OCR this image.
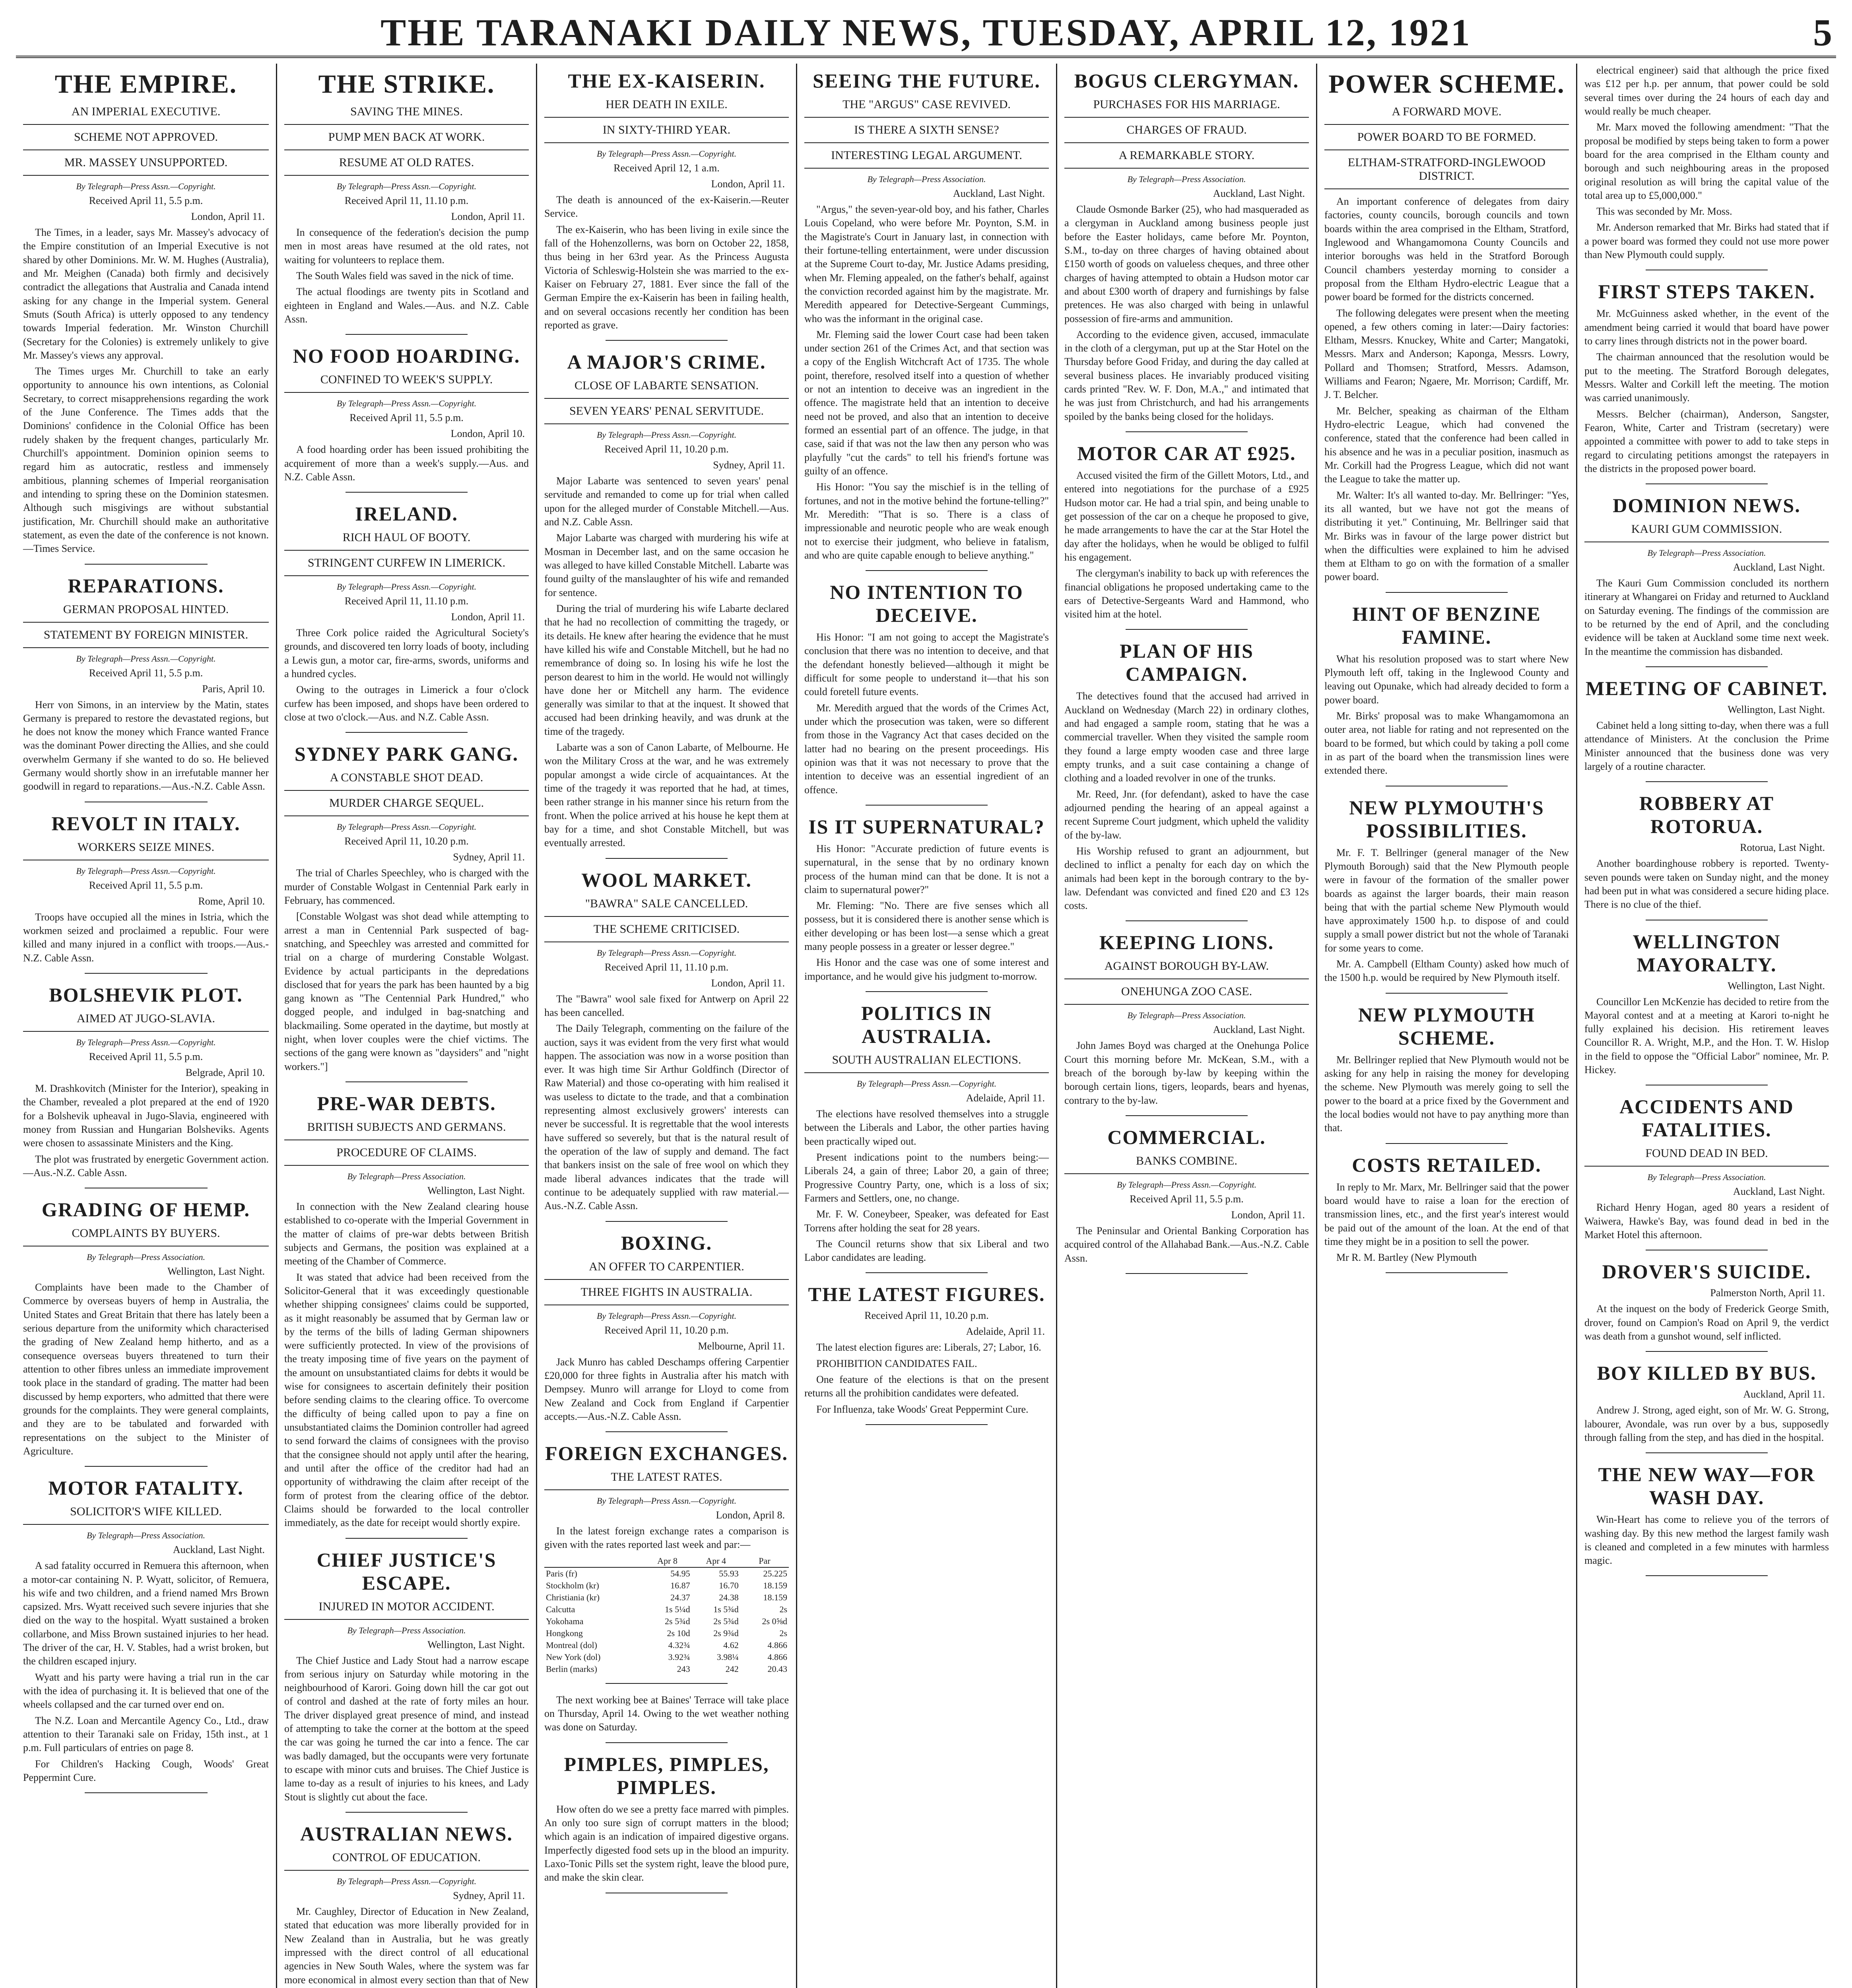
THE TARANAKI DAILY NEWS, TUESDAY, APRIL 12, 1921	5
THE EMPIRE.
AN IMPERIAL EXECUTIVE.
SCHEME NOT APPROVED.
MR. MASSEY UNSUPPORTED.
By Telegraph—Press Assn.—Copyright.
Received April 11, 5.5 p.m.
London, April 11.

The Times, in a leader, says Mr. Massey's advocacy of the Empire constitution of an Imperial Executive is not shared by other Dominions. Mr. W. M. Hughes (Australia), and Mr. Meighen (Canada) both firmly and decisively contradict the allegations that Australia and Canada intend asking for any change in the Imperial system. General Smuts (South Africa) is utterly opposed to any tendency towards Imperial federation. Mr. Winston Churchill (Secretary for the Colonies) is extremely unlikely to give Mr. Massey's views any approval.

The Times urges Mr. Churchill to take an early opportunity to announce his own intentions, as Colonial Secretary, to correct misapprehensions regarding the work of the June Conference. The Times adds that the Dominions' confidence in the Colonial Office has been rudely shaken by the frequent changes, particularly Mr. Churchill's appointment. Dominion opinion seems to regard him as autocratic, restless and immensely ambitious, planning schemes of Imperial reorganisation and intending to spring these on the Dominion statesmen. Although such misgivings are without substantial justification, Mr. Churchill should make an authoritative statement, as even the date of the conference is not known.—Times Service.

REPARATIONS.
GERMAN PROPOSAL HINTED.
STATEMENT BY FOREIGN MINISTER.
By Telegraph—Press Assn.—Copyright.
Received April 11, 5.5 p.m.
Paris, April 10.

Herr von Simons, in an interview by the Matin, states Germany is prepared to restore the devastated regions, but he does not know the money which France wanted France was the dominant Power directing the Allies, and she could overwhelm Germany if she wanted to do so. He believed Germany would shortly show in an irrefutable manner her goodwill in regard to reparations.—Aus.-N.Z. Cable Assn.

REVOLT IN ITALY.
WORKERS SEIZE MINES.
By Telegraph—Press Assn.—Copyright.
Received April 11, 5.5 p.m.
Rome, April 10.

Troops have occupied all the mines in Istria, which the workmen seized and proclaimed a republic. Four were killed and many injured in a conflict with troops.—Aus.-N.Z. Cable Assn.

BOLSHEVIK PLOT.
AIMED AT JUGO-SLAVIA.
By Telegraph—Press Assn.—Copyright.
Received April 11, 5.5 p.m.
Belgrade, April 10.

M. Drashkovitch (Minister for the Interior), speaking in the Chamber, revealed a plot prepared at the end of 1920 for a Bolshevik upheaval in Jugo-Slavia, engineered with money from Russian and Hungarian Bolsheviks. Agents were chosen to assassinate Ministers and the King.

The plot was frustrated by energetic Government action.—Aus.-N.Z. Cable Assn.

GRADING OF HEMP.
COMPLAINTS BY BUYERS.
By Telegraph—Press Association.
Wellington, Last Night.

Complaints have been made to the Chamber of Commerce by overseas buyers of hemp in Australia, the United States and Great Britain that there has lately been a serious departure from the uniformity which characterised the grading of New Zealand hemp hitherto, and as a consequence overseas buyers threatened to turn their attention to other fibres unless an immediate improvement took place in the standard of grading. The matter had been discussed by hemp exporters, who admitted that there were grounds for the complaints. They were general complaints, and they are to be tabulated and forwarded with representations on the subject to the Minister of Agriculture.

MOTOR FATALITY.
SOLICITOR'S WIFE KILLED.
By Telegraph—Press Association.
Auckland, Last Night.

A sad fatality occurred in Remuera this afternoon, when a motor-car containing N. P. Wyatt, solicitor, of Remuera, his wife and two children, and a friend named Mrs Brown capsized. Mrs. Wyatt received such severe injuries that she died on the way to the hospital. Wyatt sustained a broken collarbone, and Miss Brown sustained injuries to her head. The driver of the car, H. V. Stables, had a wrist broken, but the children escaped injury.

Wyatt and his party were having a trial run in the car with the idea of purchasing it. It is believed that one of the wheels collapsed and the car turned over end on.

The N.Z. Loan and Mercantile Agency Co., Ltd., draw attention to their Taranaki sale on Friday, 15th inst., at 1 p.m. Full particulars of entries on page 8.

For Children's Hacking Cough, Woods' Great Peppermint Cure.

THE STRIKE.
SAVING THE MINES.
PUMP MEN BACK AT WORK.
RESUME AT OLD RATES.
By Telegraph—Press Assn.—Copyright.
Received April 11, 11.10 p.m.
London, April 11.

In consequence of the federation's decision the pump men in most areas have resumed at the old rates, not waiting for volunteers to replace them.

The South Wales field was saved in the nick of time.

The actual floodings are twenty pits in Scotland and eighteen in England and Wales.—Aus. and N.Z. Cable Assn.

NO FOOD HOARDING.
CONFINED TO WEEK'S SUPPLY.
By Telegraph—Press Assn.—Copyright.
Received April 11, 5.5 p.m.
London, April 10.

A food hoarding order has been issued prohibiting the acquirement of more than a week's supply.—Aus. and N.Z. Cable Assn.

IRELAND.
RICH HAUL OF BOOTY.
STRINGENT CURFEW IN LIMERICK.
By Telegraph—Press Assn.—Copyright.
Received April 11, 11.10 p.m.
London, April 11.

Three Cork police raided the Agricultural Society's grounds, and discovered ten lorry loads of booty, including a Lewis gun, a motor car, fire-arms, swords, uniforms and a hundred cycles.

Owing to the outrages in Limerick a four o'clock curfew has been imposed, and shops have been ordered to close at two o'clock.—Aus. and N.Z. Cable Assn.

SYDNEY PARK GANG.
A CONSTABLE SHOT DEAD.
MURDER CHARGE SEQUEL.
By Telegraph—Press Assn.—Copyright.
Received April 11, 10.20 p.m.
Sydney, April 11.

The trial of Charles Speechley, who is charged with the murder of Constable Wolgast in Centennial Park early in February, has commenced.

[Constable Wolgast was shot dead while attempting to arrest a man in Centennial Park suspected of bag-snatching, and Speechley was arrested and committed for trial on a charge of murdering Constable Wolgast. Evidence by actual participants in the depredations disclosed that for years the park has been haunted by a big gang known as "The Centennial Park Hundred," who dogged people, and indulged in bag-snatching and blackmailing. Some operated in the daytime, but mostly at night, when lover couples were the chief victims. The sections of the gang were known as "daysiders" and "night workers."]

PRE-WAR DEBTS.
BRITISH SUBJECTS AND GERMANS.
PROCEDURE OF CLAIMS.
By Telegraph—Press Association.
Wellington, Last Night.

In connection with the New Zealand clearing house established to co-operate with the Imperial Government in the matter of claims of pre-war debts between British subjects and Germans, the position was explained at a meeting of the Chamber of Commerce.

It was stated that advice had been received from the Solicitor-General that it was exceedingly questionable whether shipping consignees' claims could be supported, as it might reasonably be assumed that by German law or by the terms of the bills of lading German shipowners were sufficiently protected. In view of the provisions of the treaty imposing time of five years on the payment of the amount on unsubstantiated claims for debts it would be wise for consignees to ascertain definitely their position before sending claims to the clearing office. To overcome the difficulty of being called upon to pay a fine on unsubstantiated claims the Dominion controller had agreed to send forward the claims of consignees with the proviso that the consignee should not apply until after the hearing, and until after the office of the creditor had had an opportunity of withdrawing the claim after receipt of the form of protest from the clearing office of the debtor. Claims should be forwarded to the local controller immediately, as the date for receipt would shortly expire.

CHIEF JUSTICE'S ESCAPE.
INJURED IN MOTOR ACCIDENT.
By Telegraph—Press Association.
Wellington, Last Night.

The Chief Justice and Lady Stout had a narrow escape from serious injury on Saturday while motoring in the neighbourhood of Karori. Going down hill the car got out of control and dashed at the rate of forty miles an hour. The driver displayed great presence of mind, and instead of attempting to take the corner at the bottom at the speed the car was going he turned the car into a fence. The car was badly damaged, but the occupants were very fortunate to escape with minor cuts and bruises. The Chief Justice is lame to-day as a result of injuries to his knees, and Lady Stout is slightly cut about the face.

AUSTRALIAN NEWS.
CONTROL OF EDUCATION.
By Telegraph—Press Assn.—Copyright.
Sydney, April 11.

Mr. Caughley, Director of Education in New Zealand, stated that education was more liberally provided for in New Zealand than in Australia, but he was greatly impressed with the direct control of all educational agencies in New South Wales, where the system was far more economical in almost every section than that of New

THE EX-KAISERIN.
HER DEATH IN EXILE.
IN SIXTY-THIRD YEAR.
By Telegraph—Press Assn.—Copyright.
Received April 12, 1 a.m.
London, April 11.

The death is announced of the ex-Kaiserin.—Reuter Service.

The ex-Kaiserin, who has been living in exile since the fall of the Hohenzollerns, was born on October 22, 1858, thus being in her 63rd year. As the Princess Augusta Victoria of Schleswig-Holstein she was married to the ex-Kaiser on February 27, 1881. Ever since the fall of the German Empire the ex-Kaiserin has been in failing health, and on several occasions recently her condition has been reported as grave.

A MAJOR'S CRIME.
CLOSE OF LABARTE SENSATION.
SEVEN YEARS' PENAL SERVITUDE.
By Telegraph—Press Assn.—Copyright.
Received April 11, 10.20 p.m.
Sydney, April 11.

Major Labarte was sentenced to seven years' penal servitude and remanded to come up for trial when called upon for the alleged murder of Constable Mitchell.—Aus. and N.Z. Cable Assn.

Major Labarte was charged with murdering his wife at Mosman in December last, and on the same occasion he was alleged to have killed Constable Mitchell. Labarte was found guilty of the manslaughter of his wife and remanded for sentence.

During the trial of murdering his wife Labarte declared that he had no recollection of committing the tragedy, or its details. He knew after hearing the evidence that he must have killed his wife and Constable Mitchell, but he had no remembrance of doing so. In losing his wife he lost the person dearest to him in the world. He would not willingly have done her or Mitchell any harm. The evidence generally was similar to that at the inquest. It showed that accused had been drinking heavily, and was drunk at the time of the tragedy.

Labarte was a son of Canon Labarte, of Melbourne. He won the Military Cross at the war, and he was extremely popular amongst a wide circle of acquaintances. At the time of the tragedy it was reported that he had, at times, been rather strange in his manner since his return from the front. When the police arrived at his house he kept them at bay for a time, and shot Constable Mitchell, but was eventually arrested.

WOOL MARKET.
"BAWRA" SALE CANCELLED.
THE SCHEME CRITICISED.
By Telegraph—Press Assn.—Copyright.
Received April 11, 11.10 p.m.
London, April 11.

The "Bawra" wool sale fixed for Antwerp on April 22 has been cancelled.

The Daily Telegraph, commenting on the failure of the auction, says it was evident from the very first what would happen. The association was now in a worse position than ever. It was high time Sir Arthur Goldfinch (Director of Raw Material) and those co-operating with him realised it was useless to dictate to the trade, and that a combination representing almost exclusively growers' interests can never be successful. It is regrettable that the wool interests have suffered so severely, but that is the natural result of the operation of the law of supply and demand. The fact that bankers insist on the sale of free wool on which they made liberal advances indicates that the trade will continue to be adequately supplied with raw material.—Aus.-N.Z. Cable Assn.

BOXING.
AN OFFER TO CARPENTIER.
THREE FIGHTS IN AUSTRALIA.
By Telegraph—Press Assn.—Copyright.
Received April 11, 10.20 p.m.
Melbourne, April 11.

Jack Munro has cabled Deschamps offering Carpentier £20,000 for three fights in Australia after his match with Dempsey. Munro will arrange for Lloyd to come from New Zealand and Cock from England if Carpentier accepts.—Aus.-N.Z. Cable Assn.

FOREIGN EXCHANGES.
THE LATEST RATES.
By Telegraph—Press Assn.—Copyright.
London, April 8.

In the latest foreign exchange rates a comparison is given with the rates reported last week and par:—

	Apr 8	Apr 4	Par
Paris (fr)	54.95	55.93	25.225
Stockholm (kr)	16.87	16.70	18.159
Christiania (kr)	24.37	24.38	18.159
Calcutta	1s 5¼d	1s 5¾d	2s
Yokohama	2s 5¾d	2s 5¾d	2s 0⅝d
Hongkong	2s 10d	2s 9¾d	2s
Montreal (dol)	4.32¾	4.62	4.866
New York (dol)	3.92¾	3.98¼	4.866
Berlin (marks)	243	242	20.43

The next working bee at Baines' Terrace will take place on Thursday, April 14. Owing to the wet weather nothing was done on Saturday.

PIMPLES, PIMPLES, PIMPLES.

How often do we see a pretty face marred with pimples. An only too sure sign of corrupt matters in the blood; which again is an indication of impaired digestive organs. Imperfectly digested food sets up in the blood an impurity. Laxo-Tonic Pills set the system right, leave the blood pure, and make the skin clear.

SEEING THE FUTURE.
THE "ARGUS" CASE REVIVED.
IS THERE A SIXTH SENSE?
INTERESTING LEGAL ARGUMENT.
By Telegraph—Press Association.
Auckland, Last Night.

"Argus," the seven-year-old boy, and his father, Charles Louis Copeland, who were before Mr. Poynton, S.M. in the Magistrate's Court in January last, in connection with their fortune-telling entertainment, were under discussion at the Supreme Court to-day, Mr. Justice Adams presiding, when Mr. Fleming appealed, on the father's behalf, against the conviction recorded against him by the magistrate. Mr. Meredith appeared for Detective-Sergeant Cummings, who was the informant in the original case.

Mr. Fleming said the lower Court case had been taken under section 261 of the Crimes Act, and that section was a copy of the English Witchcraft Act of 1735. The whole point, therefore, resolved itself into a question of whether or not an intention to deceive was an ingredient in the offence. The magistrate held that an intention to deceive need not be proved, and also that an intention to deceive formed an essential part of an offence. The judge, in that case, said if that was not the law then any person who was playfully "cut the cards" to tell his friend's fortune was guilty of an offence.

His Honor: "You say the mischief is in the telling of fortunes, and not in the motive behind the fortune-telling?" Mr. Meredith: "That is so. There is a class of impressionable and neurotic people who are weak enough not to exercise their judgment, who believe in fatalism, and who are quite capable enough to believe anything."

NO INTENTION TO DECEIVE.

His Honor: "I am not going to accept the Magistrate's conclusion that there was no intention to deceive, and that the defendant honestly believed—although it might be difficult for some people to understand it—that his son could foretell future events.

Mr. Meredith argued that the words of the Crimes Act, under which the prosecution was taken, were so different from those in the Vagrancy Act that cases decided on the latter had no bearing on the present proceedings. His opinion was that it was not necessary to prove that the intention to deceive was an essential ingredient of an offence.

IS IT SUPERNATURAL?

His Honor: "Accurate prediction of future events is supernatural, in the sense that by no ordinary known process of the human mind can that be done. It is not a claim to supernatural power?"

Mr. Fleming: "No. There are five senses which all possess, but it is considered there is another sense which is either developing or has been lost—a sense which a great many people possess in a greater or lesser degree."

His Honor and the case was one of some interest and importance, and he would give his judgment to-morrow.

POLITICS IN AUSTRALIA.
SOUTH AUSTRALIAN ELECTIONS.
By Telegraph—Press Assn.—Copyright.
Adelaide, April 11.

The elections have resolved themselves into a struggle between the Liberals and Labor, the other parties having been practically wiped out.

Present indications point to the numbers being:—Liberals 24, a gain of three; Labor 20, a gain of three; Progressive Country Party, one, which is a loss of six; Farmers and Settlers, one, no change.

Mr. F. W. Coneybeer, Speaker, was defeated for East Torrens after holding the seat for 28 years.

The Council returns show that six Liberal and two Labor candidates are leading.

THE LATEST FIGURES.
Received April 11, 10.20 p.m.
Adelaide, April 11.

The latest election figures are: Liberals, 27; Labor, 16.

PROHIBITION CANDIDATES FAIL.

One feature of the elections is that on the present returns all the prohibition candidates were defeated.

For Influenza, take Woods' Great Peppermint Cure.

BOGUS CLERGYMAN.
PURCHASES FOR HIS MARRIAGE.
CHARGES OF FRAUD.
A REMARKABLE STORY.
By Telegraph—Press Association.
Auckland, Last Night.

Claude Osmonde Barker (25), who had masqueraded as a clergyman in Auckland among business people just before the Easter holidays, came before Mr. Poynton, S.M., to-day on three charges of having obtained about £150 worth of goods on valueless cheques, and three other charges of having attempted to obtain a Hudson motor car and about £300 worth of drapery and furnishings by false pretences. He was also charged with being in unlawful possession of fire-arms and ammunition.

According to the evidence given, accused, immaculate in the cloth of a clergyman, put up at the Star Hotel on the Thursday before Good Friday, and during the day called at several business places. He invariably produced visiting cards printed "Rev. W. F. Don, M.A.," and intimated that he was just from Christchurch, and had his arrangements spoiled by the banks being closed for the holidays.

MOTOR CAR AT £925.

Accused visited the firm of the Gillett Motors, Ltd., and entered into negotiations for the purchase of a £925 Hudson motor car. He had a trial spin, and being unable to get possession of the car on a cheque he proposed to give, he made arrangements to have the car at the Star Hotel the day after the holidays, when he would be obliged to fulfil his engagement.

The clergyman's inability to back up with references the financial obligations he proposed undertaking came to the ears of Detective-Sergeants Ward and Hammond, who visited him at the hotel.

PLAN OF HIS CAMPAIGN.

The detectives found that the accused had arrived in Auckland on Wednesday (March 22) in ordinary clothes, and had engaged a sample room, stating that he was a commercial traveller. When they visited the sample room they found a large empty wooden case and three large empty trunks, and a suit case containing a change of clothing and a loaded revolver in one of the trunks.

Mr. Reed, Jnr. (for defendant), asked to have the case adjourned pending the hearing of an appeal against a recent Supreme Court judgment, which upheld the validity of the by-law.

His Worship refused to grant an adjournment, but declined to inflict a penalty for each day on which the animals had been kept in the borough contrary to the by-law. Defendant was convicted and fined £20 and £3 12s costs.

KEEPING LIONS.
AGAINST BOROUGH BY-LAW.
ONEHUNGA ZOO CASE.
By Telegraph—Press Association.
Auckland, Last Night.

John James Boyd was charged at the Onehunga Police Court this morning before Mr. McKean, S.M., with a breach of the borough by-law by keeping within the borough certain lions, tigers, leopards, bears and hyenas, contrary to the by-law.

COMMERCIAL.
BANKS COMBINE.
By Telegraph—Press Assn.—Copyright.
Received April 11, 5.5 p.m.
London, April 11.

The Peninsular and Oriental Banking Corporation has acquired control of the Allahabad Bank.—Aus.-N.Z. Cable Assn.

POWER SCHEME.
A FORWARD MOVE.
POWER BOARD TO BE FORMED.
ELTHAM-STRATFORD-INGLEWOOD DISTRICT.

An important conference of delegates from dairy factories, county councils, borough councils and town boards within the area comprised in the Eltham, Stratford, Inglewood and Whangamomona County Councils and interior boroughs was held in the Stratford Borough Council chambers yesterday morning to consider a proposal from the Eltham Hydro-electric League that a power board be formed for the districts concerned.

The following delegates were present when the meeting opened, a few others coming in later:—Dairy factories: Eltham, Messrs. Knuckey, White and Carter; Mangatoki, Messrs. Marx and Anderson; Kaponga, Messrs. Lowry, Pollard and Thomsen; Stratford, Messrs. Adamson, Williams and Fearon; Ngaere, Mr. Morrison; Cardiff, Mr. J. T. Belcher.

Mr. Belcher, speaking as chairman of the Eltham Hydro-electric League, which had convened the conference, stated that the conference had been called in his absence and he was in a peculiar position, inasmuch as Mr. Corkill had the Progress League, which did not want the League to take the matter up.

Mr. Walter: It's all wanted to-day. Mr. Bellringer: "Yes, its all wanted, but we have not got the means of distributing it yet." Continuing, Mr. Bellringer said that Mr. Birks was in favour of the large power district but when the difficulties were explained to him he advised them at Eltham to go on with the formation of a smaller power board.

HINT OF BENZINE FAMINE.

What his resolution proposed was to start where New Plymouth left off, taking in the Inglewood County and leaving out Opunake, which had already decided to form a power board.

Mr. Birks' proposal was to make Whangamomona an outer area, not liable for rating and not represented on the board to be formed, but which could by taking a poll come in as part of the board when the transmission lines were extended there.

NEW PLYMOUTH'S POSSIBILITIES.

Mr. F. T. Bellringer (general manager of the New Plymouth Borough) said that the New Plymouth people were in favour of the formation of the smaller power boards as against the larger boards, their main reason being that with the partial scheme New Plymouth would have approximately 1500 h.p. to dispose of and could supply a small power district but not the whole of Taranaki for some years to come.

Mr. A. Campbell (Eltham County) asked how much of the 1500 h.p. would be required by New Plymouth itself.

NEW PLYMOUTH SCHEME.

Mr. Bellringer replied that New Plymouth would not be asking for any help in raising the money for developing the scheme. New Plymouth was merely going to sell the power to the board at a price fixed by the Government and the local bodies would not have to pay anything more than that.

COSTS RETAILED.

In reply to Mr. Marx, Mr. Bellringer said that the power board would have to raise a loan for the erection of transmission lines, etc., and the first year's interest would be paid out of the amount of the loan. At the end of that time they might be in a position to sell the power.

Mr R. M. Bartley (New Plymouth

electrical engineer) said that although the price fixed was £12 per h.p. per annum, that power could be sold several times over during the 24 hours of each day and would really be much cheaper.

Mr. Marx moved the following amendment: "That the proposal be modified by steps being taken to form a power board for the area comprised in the Eltham county and borough and such neighbouring areas in the proposed original resolution as will bring the capital value of the total area up to £5,000,000."

This was seconded by Mr. Moss.

Mr. Anderson remarked that Mr. Birks had stated that if a power board was formed they could not use more power than New Plymouth could supply.

FIRST STEPS TAKEN.

Mr. McGuinness asked whether, in the event of the amendment being carried it would that board have power to carry lines through districts not in the power board.

The chairman announced that the resolution would be put to the meeting. The Stratford Borough delegates, Messrs. Walter and Corkill left the meeting. The motion was carried unanimously.

Messrs. Belcher (chairman), Anderson, Sangster, Fearon, White, Carter and Tristram (secretary) were appointed a committee with power to add to take steps in regard to circulating petitions amongst the ratepayers in the districts in the proposed power board.

DOMINION NEWS.
KAURI GUM COMMISSION.
By Telegraph—Press Association.
Auckland, Last Night.

The Kauri Gum Commission concluded its northern itinerary at Whangarei on Friday and returned to Auckland on Saturday evening. The findings of the commission are to be returned by the end of April, and the concluding evidence will be taken at Auckland some time next week. In the meantime the commission has disbanded.

MEETING OF CABINET.
Wellington, Last Night.

Cabinet held a long sitting to-day, when there was a full attendance of Ministers. At the conclusion the Prime Minister announced that the business done was very largely of a routine character.

ROBBERY AT ROTORUA.
Rotorua, Last Night.

Another boardinghouse robbery is reported. Twenty-seven pounds were taken on Sunday night, and the money had been put in what was considered a secure hiding place. There is no clue of the thief.

WELLINGTON MAYORALTY.
Wellington, Last Night.

Councillor Len McKenzie has decided to retire from the Mayoral contest and at a meeting at Karori to-night he fully explained his decision. His retirement leaves Councillor R. A. Wright, M.P., and the Hon. T. W. Hislop in the field to oppose the "Official Labor" nominee, Mr. P. Hickey.

ACCIDENTS AND FATALITIES.
FOUND DEAD IN BED.
By Telegraph—Press Association.
Auckland, Last Night.

Richard Henry Hogan, aged 80 years a resident of Waiwera, Hawke's Bay, was found dead in bed in the Market Hotel this afternoon.

DROVER'S SUICIDE.
Palmerston North, April 11.

At the inquest on the body of Frederick George Smith, drover, found on Campion's Road on April 9, the verdict was death from a gunshot wound, self inflicted.

BOY KILLED BY BUS.
Auckland, April 11.

Andrew J. Strong, aged eight, son of Mr. W. G. Strong, labourer, Avondale, was run over by a bus, supposedly through falling from the step, and has died in the hospital.

THE NEW WAY—FOR WASH DAY.

Win-Heart has come to relieve you of the terrors of washing day. By this new method the largest family wash is cleaned and completed in a few minutes with harmless magic.
